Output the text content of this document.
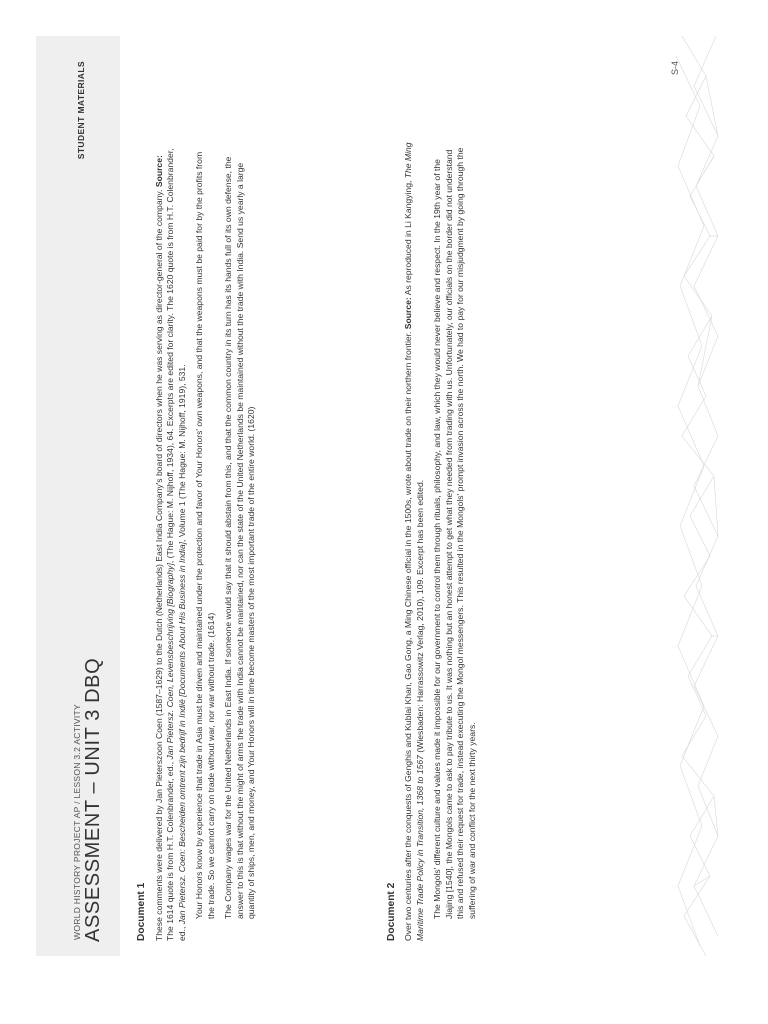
WORLD HISTORY PROJECT AP / LESSON 3.2 ACTIVITY ASSESSMENT – UNIT 3 DBQ
STUDENT MATERIALS	S-4
Document 1 These comments were delivered by Jan Pieterszoon Coen (1587–1629) to the Dutch (Netherlands) East India Company's board of directors when he was serving as director-general of the company. Source: The 1614 quote is from H.T. Colenbrander, ed., Jan Pietersz. Coen, Levensbeschrijving [Biography], (The Hague: M. Nijhoff, 1934), 64. Excerpts are edited for clarity. The 1620 quote is from H.T. Colenbrander, ed., Jan Pietersz. Coen: Bescheiden omtrent zijn bedrijf in Indië [Documents About His Business in India], Volume 1 (The Hague: M. Nijhoff, 1919), 531. Your Honors know by experience that trade in Asia must be driven and maintained under the protection and favor of Your Honors' own weapons, and that the weapons must be paid for by the profits from the trade. So we cannot carry on trade without war, nor war without trade. (1614) The Company wages war for the United Netherlands in East India. If someone would say that it should abstain from this, and that the common country in its turn has its hands full of its own defense, the answer to this is that without the might of arms the trade with India cannot be maintained, nor can the state of the United Netherlands be maintained without the trade with India. Send us yearly a large quantity of ships, men, and money, and Your Honors will in time become masters of the most important trade of the entire world. (1620)	Document 2 Over two centuries after the conquests of Genghis and Kublai Khan, Gao Gong, a Ming Chinese official in the 1500s, wrote about trade on their northern frontier. Source: As reproduced in Li Kangying, The Ming Maritime Trade Policy in Transition, 1368 to 1567 (Wiesbaden: Harrassowitz Verlag, 2010), 109. Excerpt has been edited. The Mongols' different culture and values made it impossible for our government to control them through rituals, philosophy, and law, which they would never believe and respect. In the 19th year of the Jiajing [1540], the Mongols came to ask to pay tribute to us. It was nothing but an honest attempt to get what they needed from trading with us. Unfortunately, our officials on the border did not understand this and refused their request for trade, instead executing the Mongol messengers. This resulted in the Mongols' prompt invasion across the north. We had to pay for our misjudgment by going through the suffering of war and conflict for the next thirty years.
